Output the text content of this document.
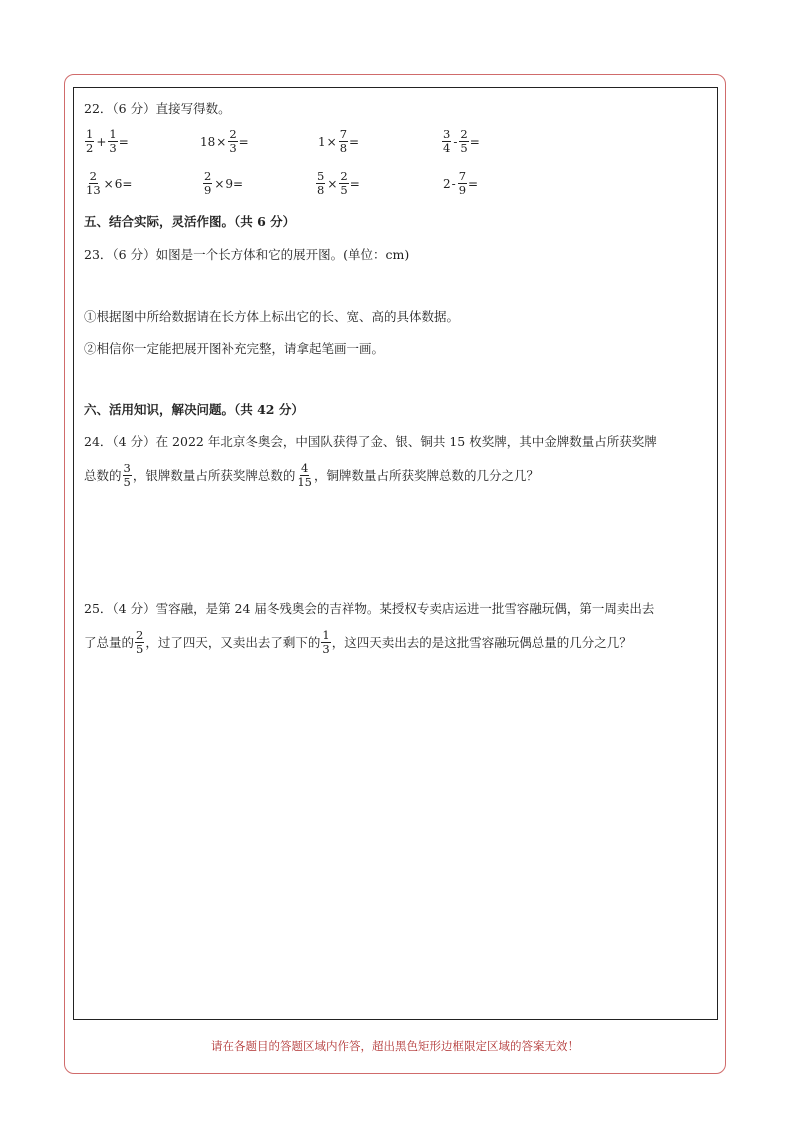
22．（6 分）直接写得数。
$\frac{1}{2} + \frac{1}{3}$ =	$18 \times \frac{2}{3}$ =	$1 \times \frac{7}{8}$ =	$\frac{3}{4} - \frac{2}{5}$ =
$\frac{2}{13} \times 6$ =	$\frac{2}{9} \times 9$ =	$\frac{5}{8} \times \frac{2}{5}$ =	$2 - \frac{7}{9}$ =
五、结合实际，灵活作图。（共 6 分）
23．（6 分）如图是一个长方体和它的展开图。(单位：cm)
①根据图中所给数据请在长方体上标出它的长、宽、高的具体数据。
②相信你一定能把展开图补充完整，请拿起笔画一画。
六、活用知识，解决问题。（共 42 分）
24．（4 分）在 2022 年北京冬奥会，中国队获得了金、银、铜共 15 枚奖牌，其中金牌数量占所获奖牌
总数的 $\frac{3}{5}$ ，银牌数量占所获奖牌总数的 $\frac{4}{15}$ ，铜牌数量占所获奖牌总数的几分之几？
25．（4 分）雪容融，是第 24 届冬残奥会的吉祥物。某授权专卖店运进一批雪容融玩偶，第一周卖出去
了总量的 $\frac{2}{5}$ ，过了四天，又卖出去了剩下的 $\frac{1}{3}$ ，这四天卖出去的是这批雪容融玩偶总量的几分之几？
请在各题目的答题区域内作答，超出黑色矩形边框限定区域的答案无效！
